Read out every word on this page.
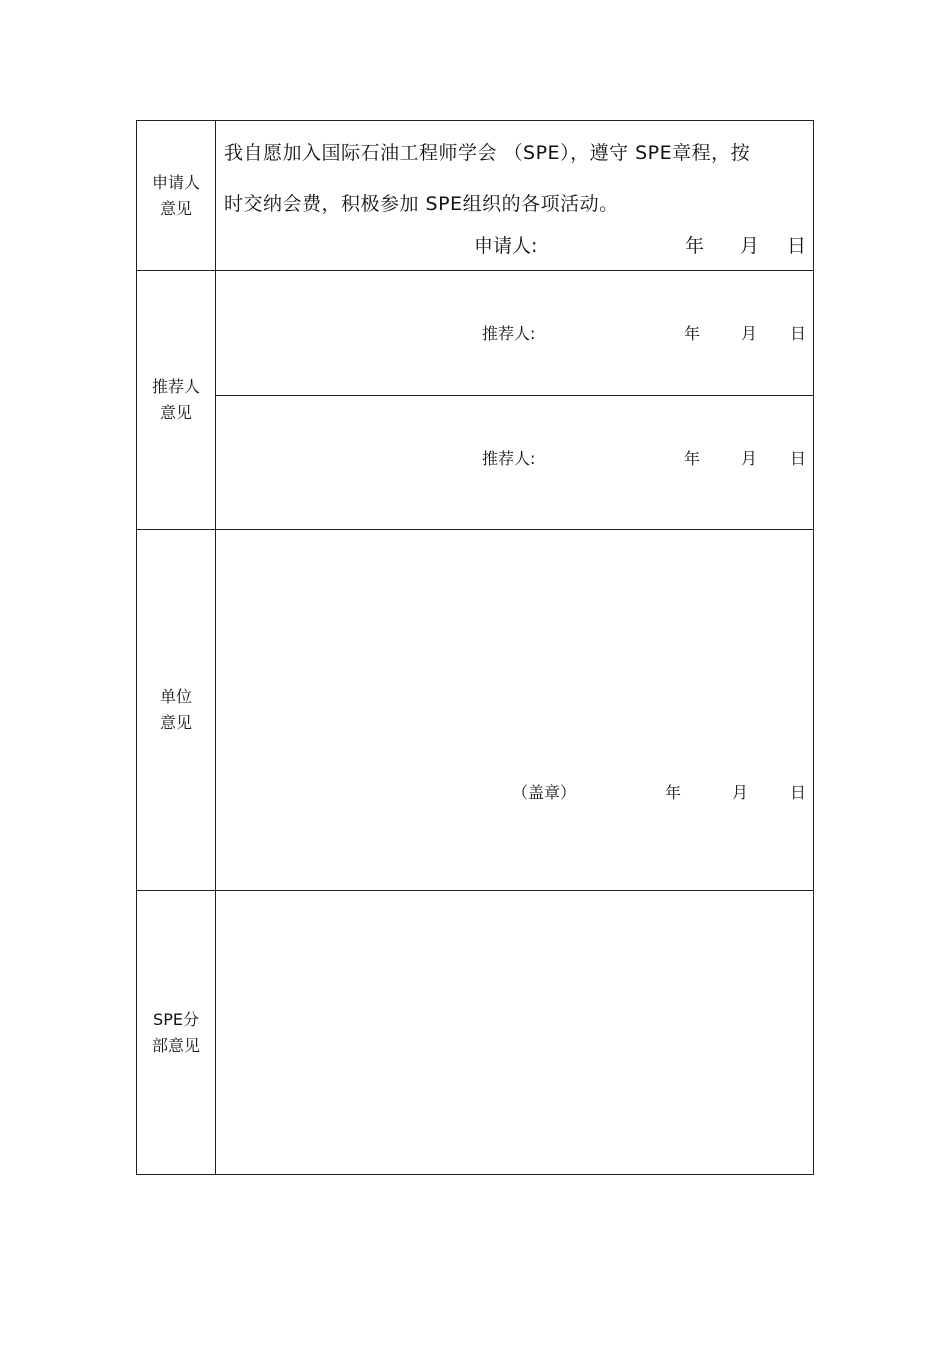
申请人
意见
我自愿加入国际石油工程师学会 （SPE），遵守 SPE章程，按
时交纳会费，积极参加 SPE组织的各项活动。
申请人:	年 月 日
推荐人
意见
推荐人:	年	月 日
推荐人:	年	月 日
单位
意见
（盖章）	年	月	日
SPE分
部意见
